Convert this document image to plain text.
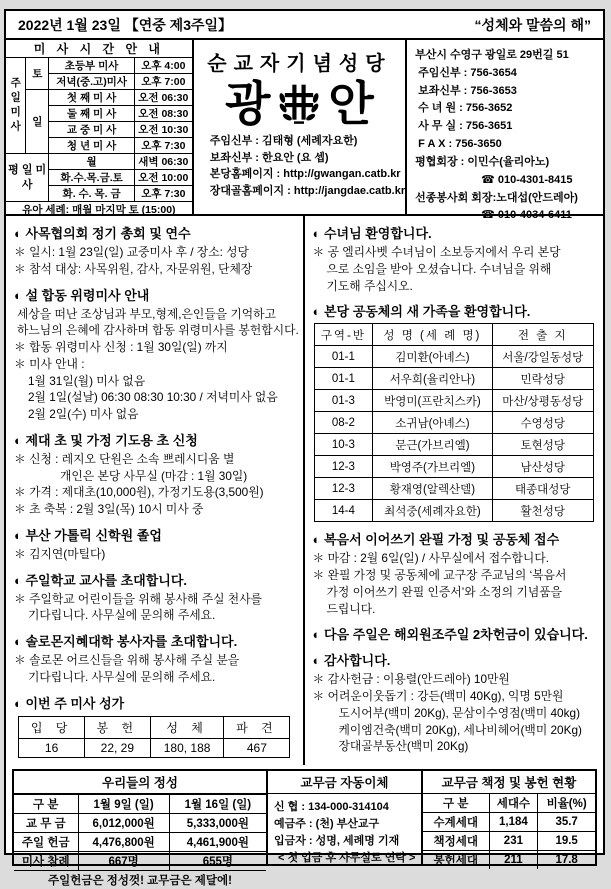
2022년 1월 23일 【연중 제3주일】	“성체와 말씀의 해”
미 사 시 간 안 내			
주일미사	토	초등부 미사	오후 4:00
		저녁(중.고)미사	오후 7:00
	일	첫 째 미 사	오전 06:30
		둘 째 미 사	오전 08:30
		교 중 미 사	오전 10:30
		청 년 미 사	오후 7:30
평 일 미 사		월	새벽 06:30
		화.수.목.금.토	오전 10:00
		화. 수. 목. 금	오후 7:30
유아 세례: 매월 마지막 토 (15:00)			
순교자기념성당
광 안
주임신부 : 김태형 (세례자요한)
보좌신부 : 한요안 (요 셉)
본당홈페이지 : http://gwangan.catb.kr
장대골홈페이지 : http://jangdae.catb.kr
부산시 수영구 광일로 29번길 51
주임신부 : 756-3654
보좌신부 : 756-3653
수 녀 원 : 756-3652
사 무 실 : 756-3651
F A X : 756-3650
평협회장 : 이민수(율리아노)
☎ 010-4301-8415
선종봉사회 회장:노대섭(안드레아)
☎ 010-4034-6411
◐ 사목협의회 정기 총회 및 연수
＊ 일시: 1월 23일(일) 교중미사 후 / 장소: 성당
＊ 참석 대상: 사목위원, 감사, 자문위원, 단체장
◐ 설 합동 위령미사 안내
세상을 떠난 조상님과 부모,형제,은인들을 기억하고
하느님의 은혜에 감사하며 합동 위령미사를 봉헌합시다.
＊ 합동 위령미사 신청 : 1월 30일(일) 까지
＊ 미사 안내 :
1월 31일(월) 미사 없음
2월 1일(설날) 06:30 08:30 10:30 / 저녁미사 없음
2월 2일(수) 미사 없음
◐ 제대 초 및 가정 기도용 초 신청
＊ 신청 : 레지오 단원은 소속 쁘레시디움 별
개인은 본당 사무실 (마감 : 1월 30일)
＊ 가격 : 제대초(10,000원), 가정기도용(3,500원)
＊ 초 축복 : 2월 3일(목) 10시 미사 중
◐ 부산 가톨릭 신학원 졸업
＊ 김지연(마틸다)
◐ 주일학교 교사를 초대합니다.
＊ 주일학교 어린이들을 위해 봉사해 주실 천사를
기다립니다. 사무실에 문의해 주세요.
◐ 솔로몬지혜대학 봉사자를 초대합니다.
＊ 솔로몬 어르신들을 위해 봉사해 주실 분을
기다립니다. 사무실에 문의해 주세요.
◐ 이번 주 미사 성가
입 당	봉 헌	성 체	파 견
16	22, 29	180, 188	467
◐ 수녀님 환영합니다.
＊ 공 엘리사벳 수녀님이 소보등지에서 우리 본당
으로 소임을 받아 오셨습니다. 수녀님을 위해
기도해 주십시오.
◐ 본당 공동체의 새 가족을 환영합니다.
구역-반	성 명 (세 례 명)	전 출 지
01-1	김미환(아녜스)	서울/강일동성당
01-1	서우희(율리안나)	민락성당
01-3	박영미(프란치스카)	마산/상평동성당
08-2	소귀남(아녜스)	수영성당
10-3	문근(가브리엘)	토현성당
12-3	박영주(가브리엘)	남산성당
12-3	황재영(알렉산델)	태종대성당
14-4	최석중(세례자요한)	활천성당
◐ 복음서 이어쓰기 완필 가정 및 공동체 접수
＊ 마감 : 2월 6일(일) / 사무실에서 접수합니다.
＊ 완필 가정 및 공동체에 교구장 주교님의 ‘복음서
가정 이어쓰기 완필 인증서’와 소정의 기념품을
드립니다.
◐ 다음 주일은 해외원조주일 2차헌금이 있습니다.
◐ 감사합니다.
＊ 감사헌금 : 이용렬(안드레아) 10만원
＊ 어려운이웃돕기 : 강든(백미 40Kg), 익명 5만원
도시어부(백미 20Kg), 문삼이수영점(백미 40kg)
케이엠건축(백미 20Kg), 세나비헤어(백미 20Kg)
장대골부동산(백미 20Kg)
우리들의 정성
구 분	1월 9일 (일)	1월 16일 (일)
교 무 금	6,012,000원	5,333,000원
주일 헌금	4,476,800원	4,461,900원
미사 참례	667명	655명
주일헌금은 정성껏! 교무금은 제달에!		
교무금 자동이체
신 협 : 134-000-314104
예금주 : (천) 부산교구
입금자 : 성명, 세례명 기재
< 첫 입금 후 사무실로 연락 >
교무금 책정 및 봉헌 현황
구 분	세대수	비율(%)
수계세대	1,184	35.7
책정세대	231	19.5
봉헌세대	211	17.8
